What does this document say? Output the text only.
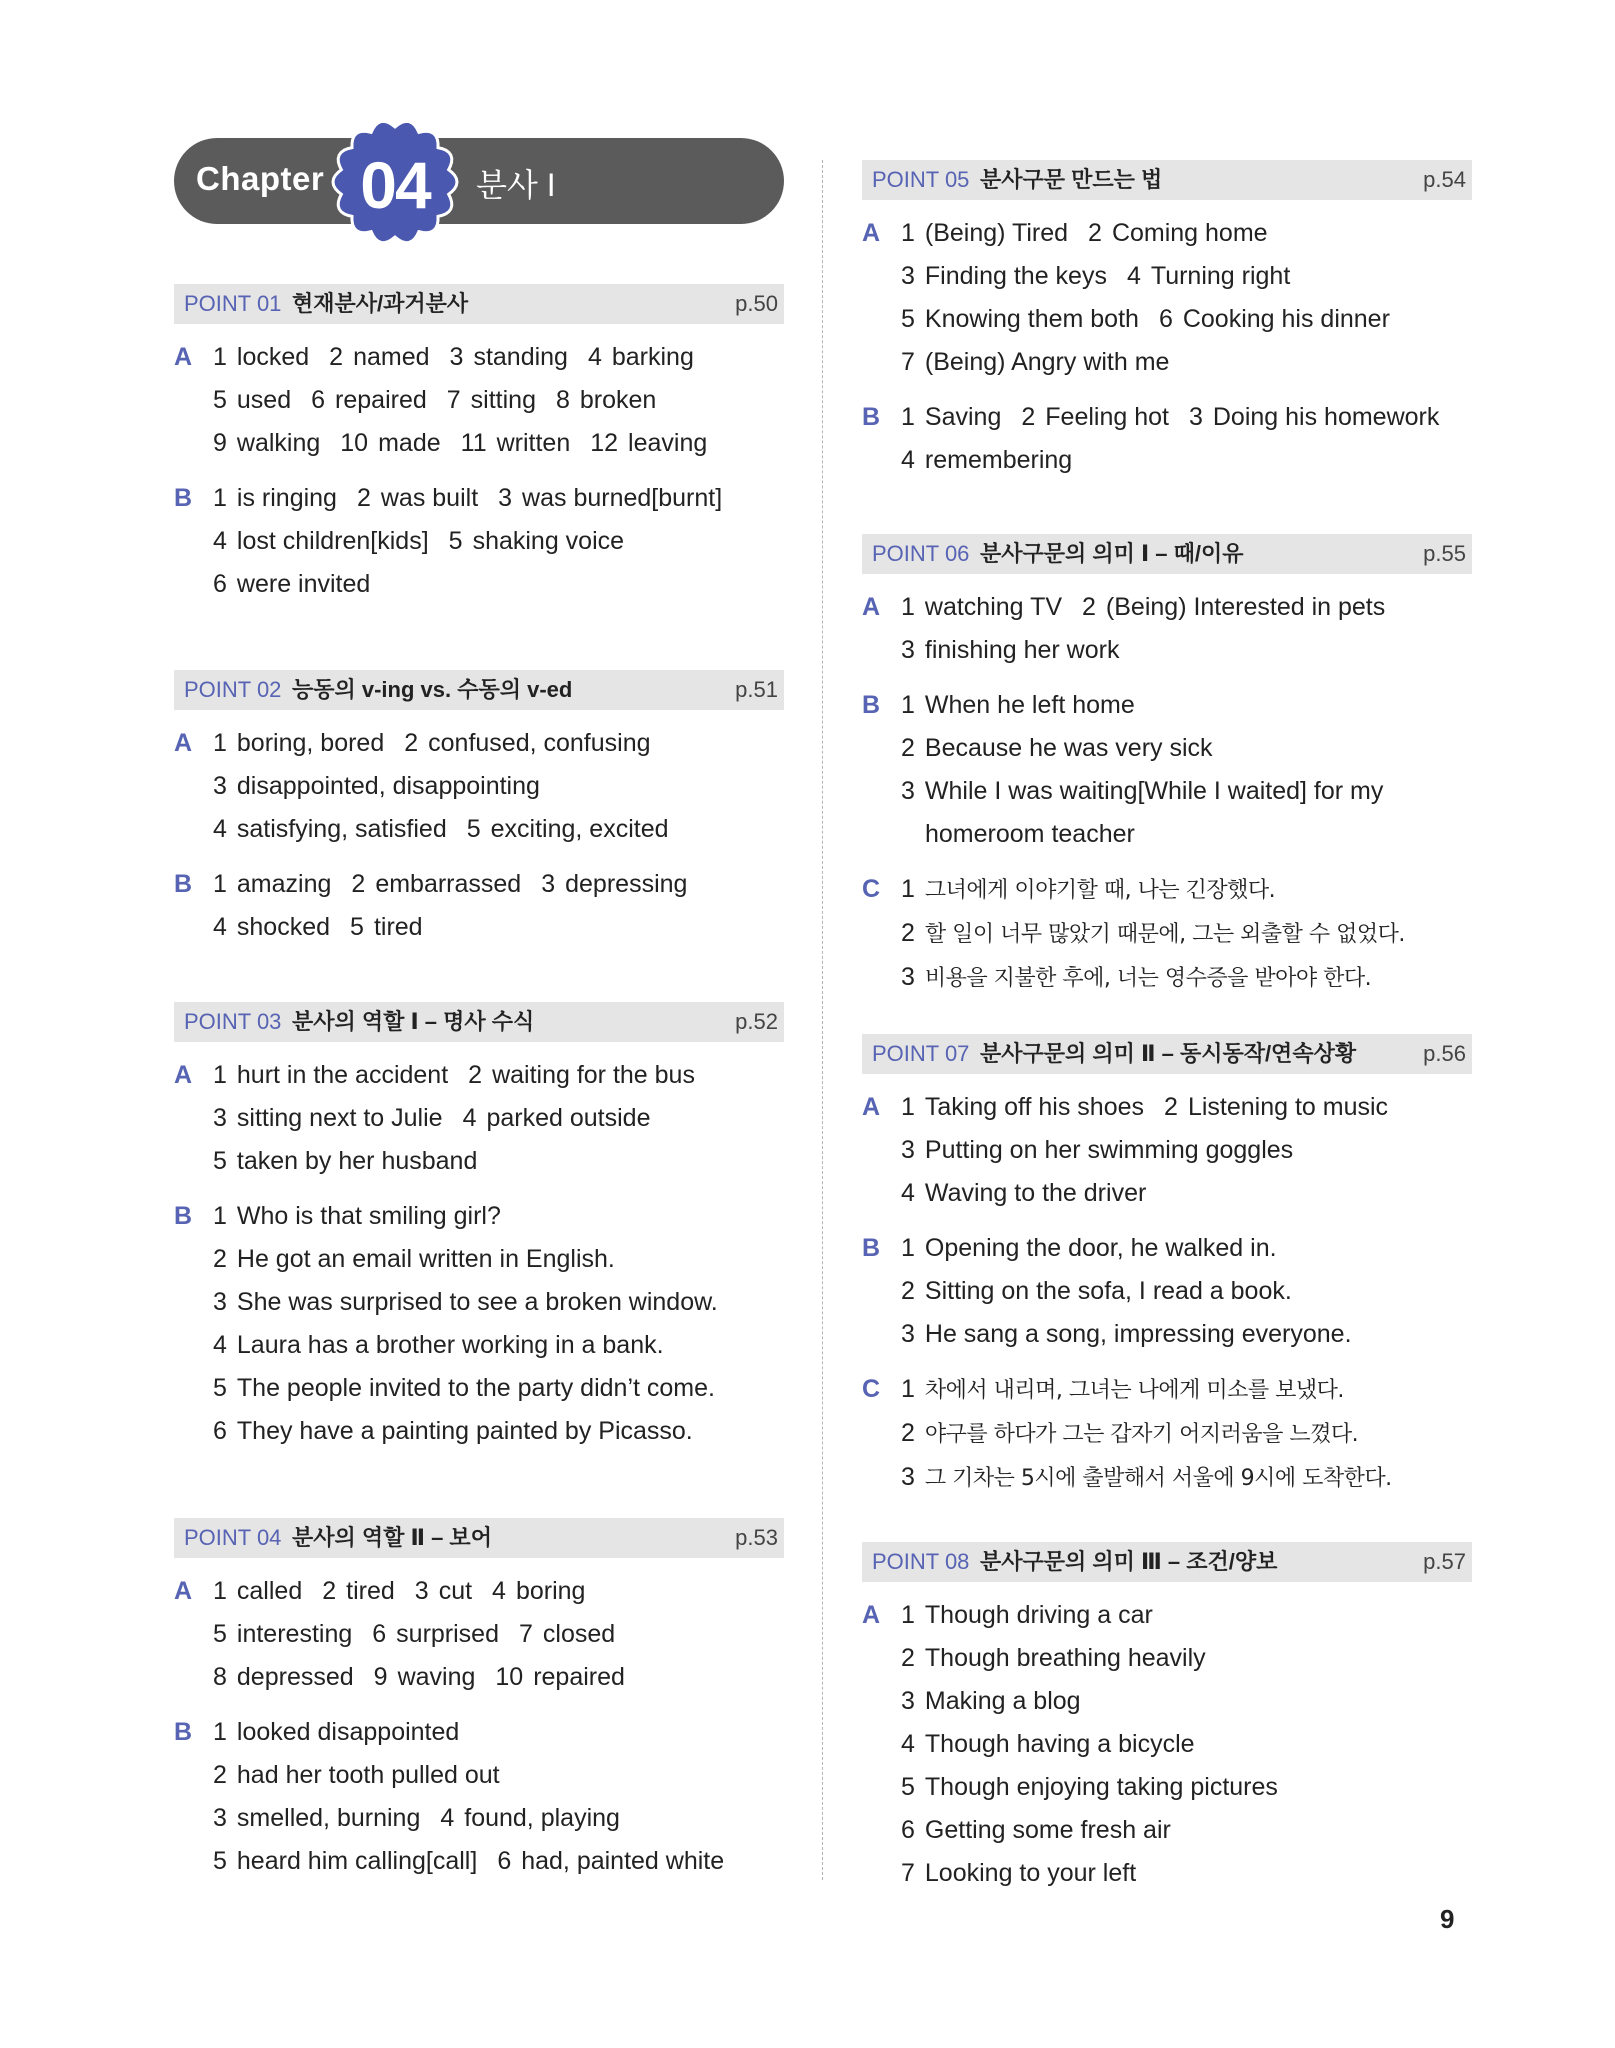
Chapter 04	분사 I
POINT 01 현재분사/과거분사	p.50
A 1 locked 2 named 3 standing 4 barking
5 used 6 repaired 7 sitting 8 broken
9 walking 10 made 11 written 12 leaving
B 1 is ringing 2 was built 3 was burned[burnt]
4 lost children[kids] 5 shaking voice
6 were invited
POINT 02 능동의 v-ing vs. 수동의 v-ed	p.51
A 1 boring, bored 2 confused, confusing
3 disappointed, disappointing
4 satisfying, satisfied 5 exciting, excited
B 1 amazing 2 embarrassed 3 depressing
4 shocked 5 tired
POINT 03 분사의 역할 Ⅰ – 명사 수식	p.52
A 1 hurt in the accident 2 waiting for the bus
3 sitting next to Julie 4 parked outside
5 taken by her husband
B 1 Who is that smiling girl?
2 He got an email written in English.
3 She was surprised to see a broken window.
4 Laura has a brother working in a bank.
5 The people invited to the party didn’t come.
6 They have a painting painted by Picasso.
POINT 04 분사의 역할 Ⅱ – 보어	p.53
A 1 called 2 tired 3 cut 4 boring
5 interesting 6 surprised 7 closed
8 depressed 9 waving 10 repaired
B 1 looked disappointed
2 had her tooth pulled out
3 smelled, burning 4 found, playing
5 heard him calling[call] 6 had, painted white
POINT 05 분사구문 만드는 법	p.54
A 1 (Being) Tired 2 Coming home
3 Finding the keys 4 Turning right
5 Knowing them both 6 Cooking his dinner
7 (Being) Angry with me
B 1 Saving 2 Feeling hot 3 Doing his homework
4 remembering
POINT 06 분사구문의 의미 Ⅰ – 때/이유	p.55
A 1 watching TV 2 (Being) Interested in pets
3 finishing her work
B 1 When he left home
2 Because he was very sick
3 While I was waiting[While I waited] for my
homeroom teacher
C 1 그녀에게 이야기할 때, 나는 긴장했다.
2 할 일이 너무 많았기 때문에, 그는 외출할 수 없었다.
3 비용을 지불한 후에, 너는 영수증을 받아야 한다.
POINT 07 분사구문의 의미 Ⅱ – 동시동작/연속상황	p.56
A 1 Taking off his shoes 2 Listening to music
3 Putting on her swimming goggles
4 Waving to the driver
B 1 Opening the door, he walked in.
2 Sitting on the sofa, I read a book.
3 He sang a song, impressing everyone.
C 1 차에서 내리며, 그녀는 나에게 미소를 보냈다.
2 야구를 하다가 그는 갑자기 어지러움을 느꼈다.
3 그 기차는 5시에 출발해서 서울에 9시에 도착한다.
POINT 08 분사구문의 의미 Ⅲ – 조건/양보	p.57
A 1 Though driving a car
2 Though breathing heavily
3 Making a blog
4 Though having a bicycle
5 Though enjoying taking pictures
6 Getting some fresh air
7 Looking to your left
9
